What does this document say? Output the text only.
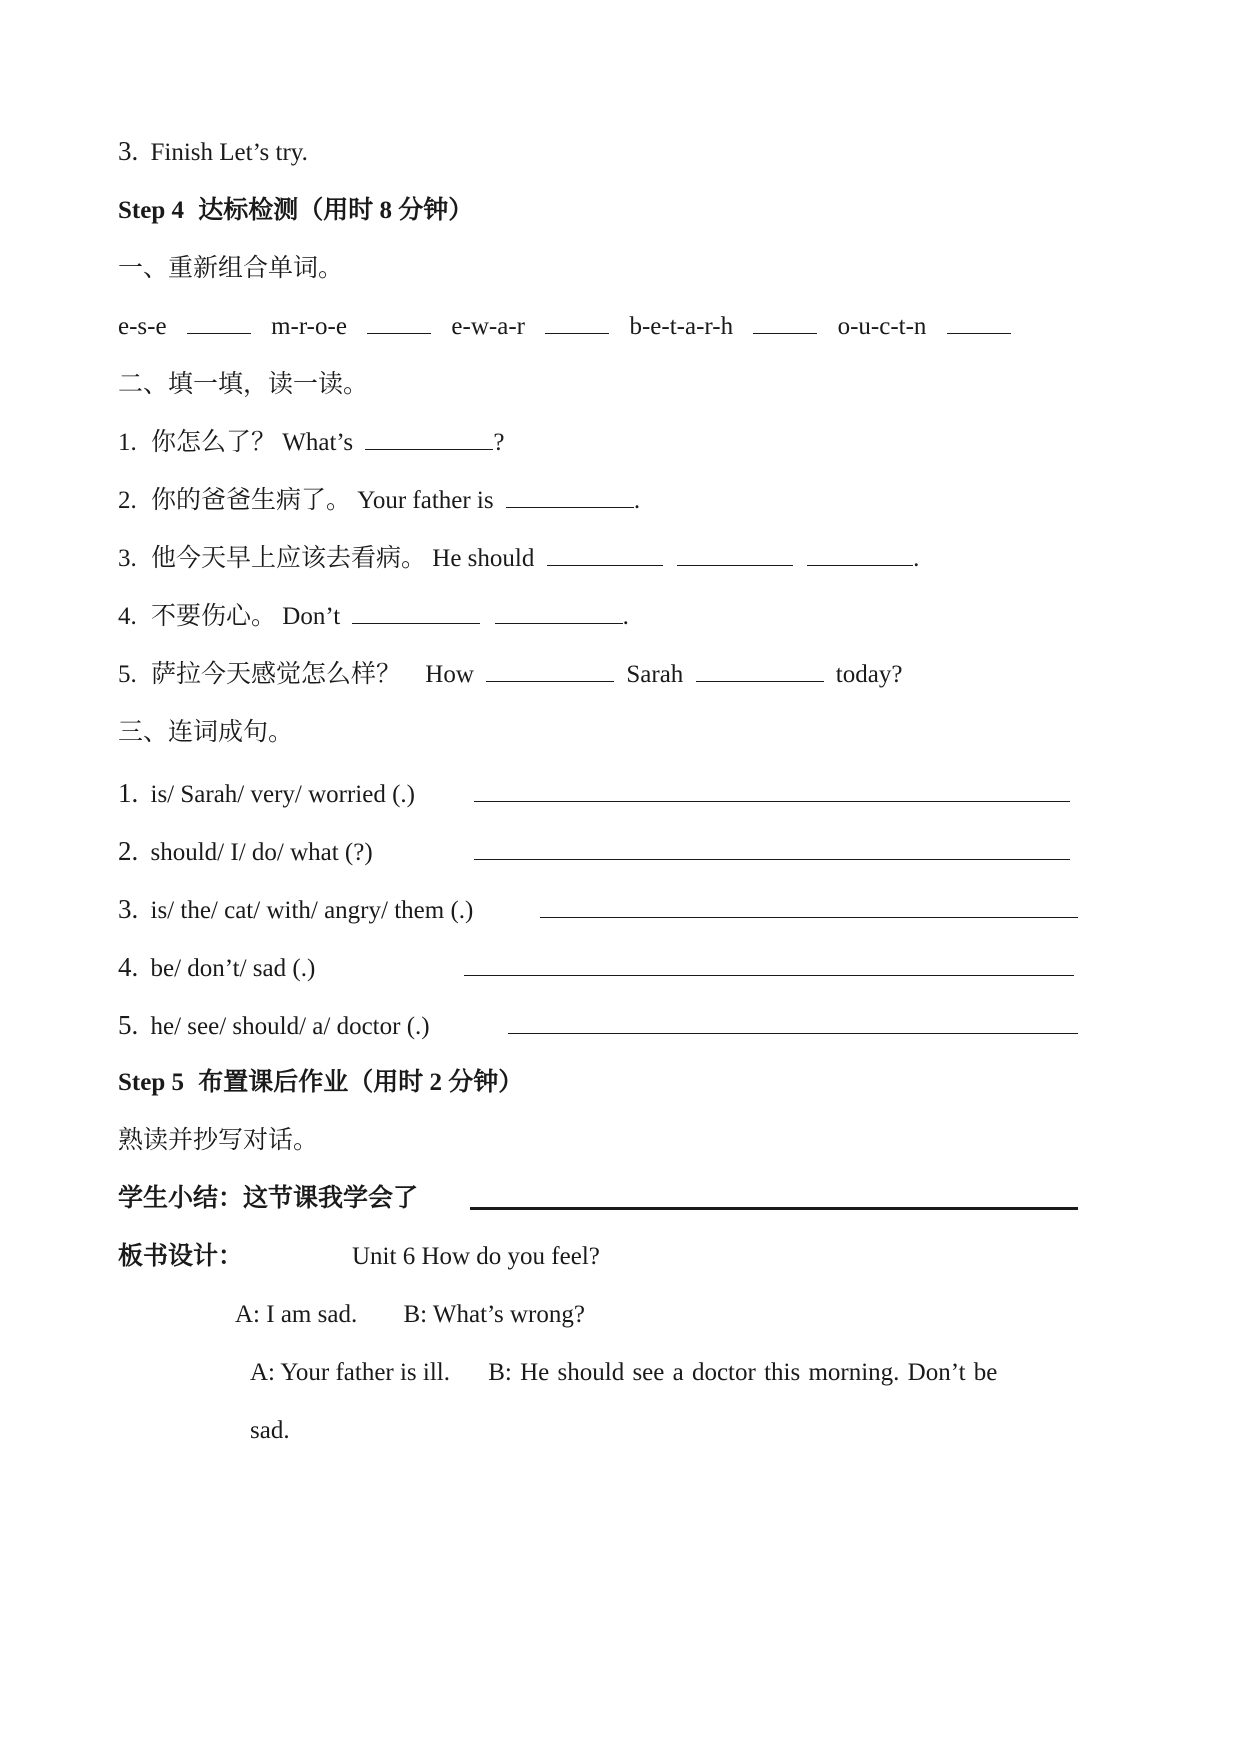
3. Finish Let’s try.
Step 4 达标检测（用时 8 分钟）
一、重新组合单词。
e-s-e	m-r-o-e	e-w-a-r	b-e-t-a-r-h	o-u-c-t-n
二、填一填，读一读。
1. 你怎么了？ What’s	?
2. 你的爸爸生病了。 Your father is	.
3. 他今天早上应该去看病。 He should	.
4. 不要伤心。 Don’t	.
5. 萨拉今天感觉怎么样？ How	Sarah	today?
三、连词成句。
1. is/ Sarah/ very/ worried (.)
2. should/ I/ do/ what (?)
3. is/ the/ cat/ with/ angry/ them (.)
4. be/ don’t/ sad (.)
5. he/ see/ should/ a/ doctor (.)
Step 5 布置课后作业（用时 2 分钟）
熟读并抄写对话。
学生小结：这节课我学会了
板书设计：	Unit 6 How do you feel?
A: I am sad. B: What’s wrong?
A: Your father is ill. B: He should see a doctor this morning. Don’t be
sad.
